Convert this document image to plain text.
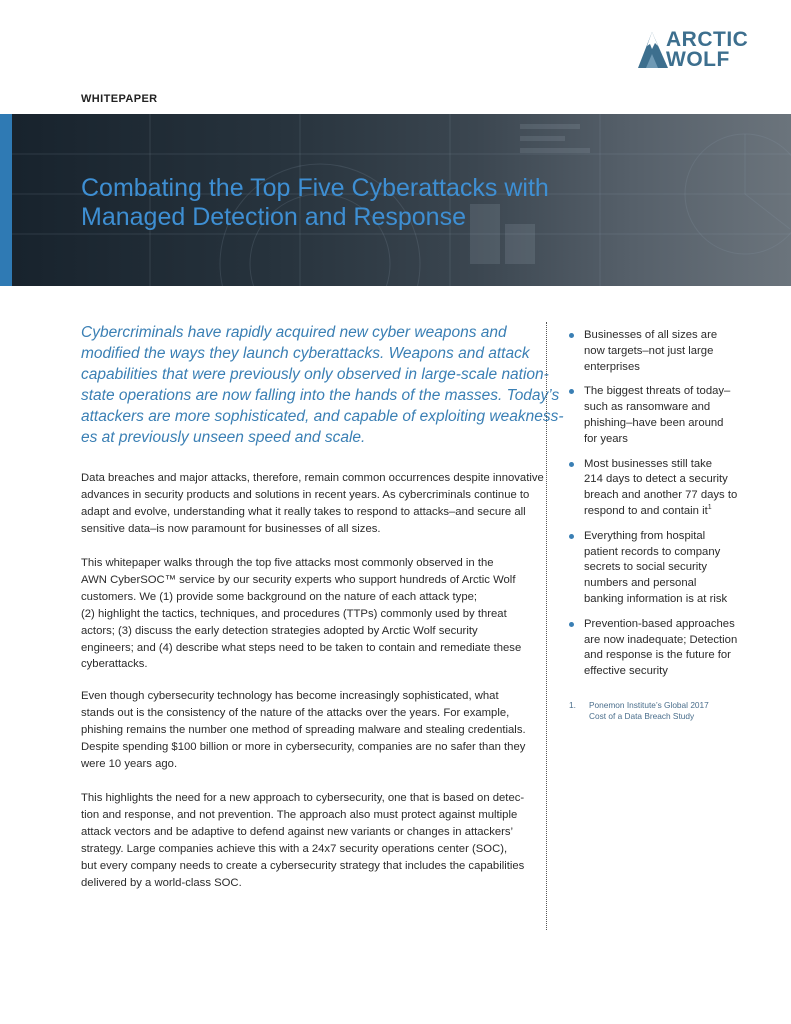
ARCTIC
WOLF
WHITEPAPER
Combating the Top Five Cyberattacks with
Managed Detection and Response

Cybercriminals have rapidly acquired new cyber weapons and
modified the ways they launch cyberattacks. Weapons and attack
capabilities that were previously only observed in large-scale nation-
state operations are now falling into the hands of the masses. Today’s
attackers are more sophisticated, and capable of exploiting weakness-
es at previously unseen speed and scale.

Data breaches and major attacks, therefore, remain common occurrences despite innovative
advances in security products and solutions in recent years. As cybercriminals continue to
adapt and evolve, understanding what it really takes to respond to attacks–and secure all
sensitive data–is now paramount for businesses of all sizes.

This whitepaper walks through the top five attacks most commonly observed in the
AWN CyberSOC™ service by our security experts who support hundreds of Arctic Wolf
customers. We (1) provide some background on the nature of each attack type;
(2) highlight the tactics, techniques, and procedures (TTPs) commonly used by threat
actors; (3) discuss the early detection strategies adopted by Arctic Wolf security
engineers; and (4) describe what steps need to be taken to contain and remediate these
cyberattacks.

Even though cybersecurity technology has become increasingly sophisticated, what
stands out is the consistency of the nature of the attacks over the years. For example,
phishing remains the number one method of spreading malware and stealing credentials.
Despite spending $100 billion or more in cybersecurity, companies are no safer than they
were 10 years ago.

This highlights the need for a new approach to cybersecurity, one that is based on detec-
tion and response, and not prevention. The approach also must protect against multiple
attack vectors and be adaptive to defend against new variants or changes in attackers’
strategy. Large companies achieve this with a 24x7 security operations center (SOC),
but every company needs to create a cybersecurity strategy that includes the capabilities
delivered by a world-class SOC.

Businesses of all sizes are
now targets–not just large
enterprises
The biggest threats of today–
such as ransomware and
phishing–have been around
for years
Most businesses still take
214 days to detect a security
breach and another 77 days to
respond to and contain $it^1$
Everything from hospital
patient records to company
secrets to social security
numbers and personal
banking information is at risk
Prevention-based approaches
are now inadequate; Detection
and response is the future for
effective security
1. Ponemon Institute’s Global 2017
Cost of a Data Breach Study
